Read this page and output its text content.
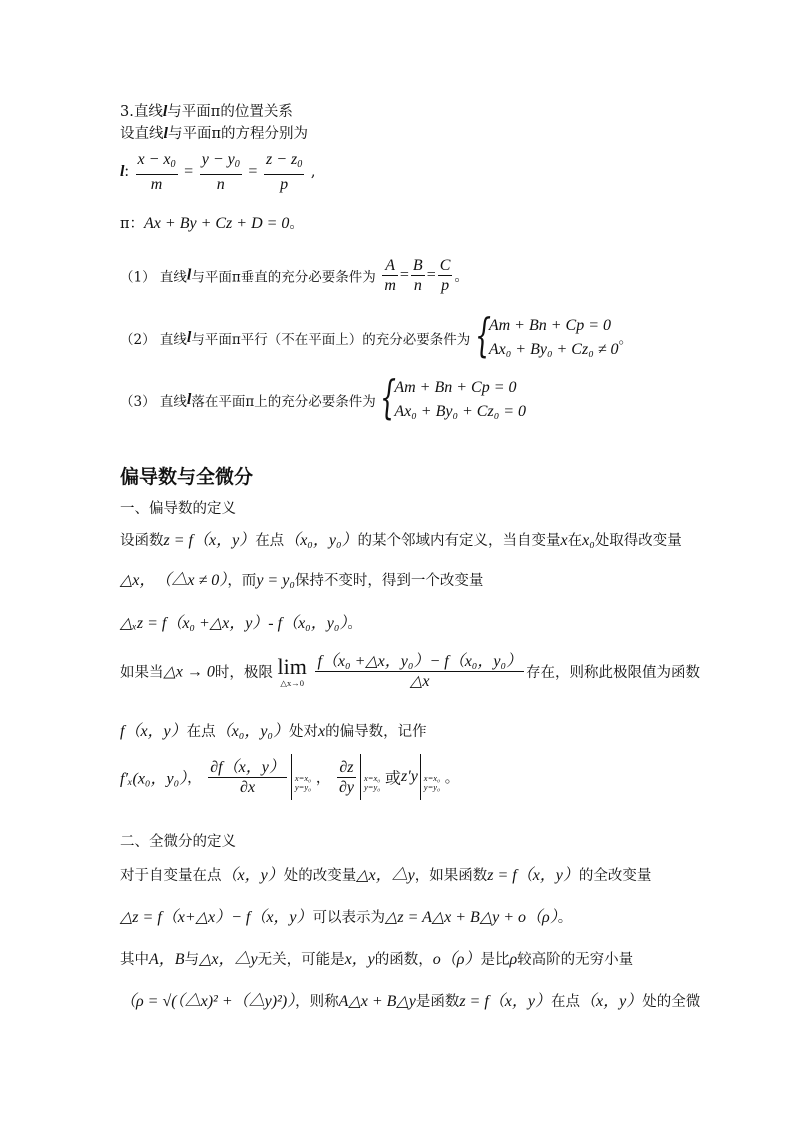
3.直线l与平面π的位置关系
设直线l与平面π的方程分别为
l: $\frac{x - x_0}{m} = \frac{y - y_0}{n} = \frac{z - z_0}{p}$ ,
π：Ax + By + Cz + D = 0。
（1） 直线l与平面π垂直的充分必要条件为 $\frac{A}{m} = \frac{B}{n} = \frac{C}{p}$ 。
（2） 直线l与平面π平行（不在平面上）的充分必要条件为 {
Am + Bn + Cp = 0
Ax₀ + By₀ + Cz₀ ≠ 0
。
（3） 直线l落在平面π上的充分必要条件为 {
Am + Bn + Cp = 0
Ax₀ + By₀ + Cz₀ = 0
偏导数与全微分
一、偏导数的定义
设函数z = f（x，y）在点（x₀，y₀）的某个邻域内有定义，当自变量x在x₀处取得改变量
△x， （△x ≠ 0），而y = y₀保持不变时，得到一个改变量
△ₓz = f（x₀ +△x，y）- f（x₀，y₀）。
如果当△x → 0时，极限 lim
△x→0
$\frac{\text{f（x₀ +△x，y₀）− f（x₀，y₀）}}{\triangle x}$ 存在，则称此极限值为函数
f（x，y）在点（x₀，y₀）处对x的偏导数，记作
f′ₓ(x₀，y₀）， $\frac{\partial f(x,y)}{\partial x} x=x_0$
y=y₀
， $\frac{\partial z}{\partial y} x=x_0$
y=y₀ 或z′y x=x₀
y=y₀
。
二、全微分的定义
对于自变量在点（x，y）处的改变量△x，△y，如果函数z = f（x，y）的全改变量
△z = f（x+△x）− f（x，y）可以表示为△z = A△x + B△y + o（ρ）。
其中A，B与△x，△y无关，可能是x，y的函数，o（ρ）是比ρ较高阶的无穷小量
（ρ = √(（△x)² +（△y)²)），则称A△x + B△y是函数z = f（x，y）在点（x，y）处的全微
